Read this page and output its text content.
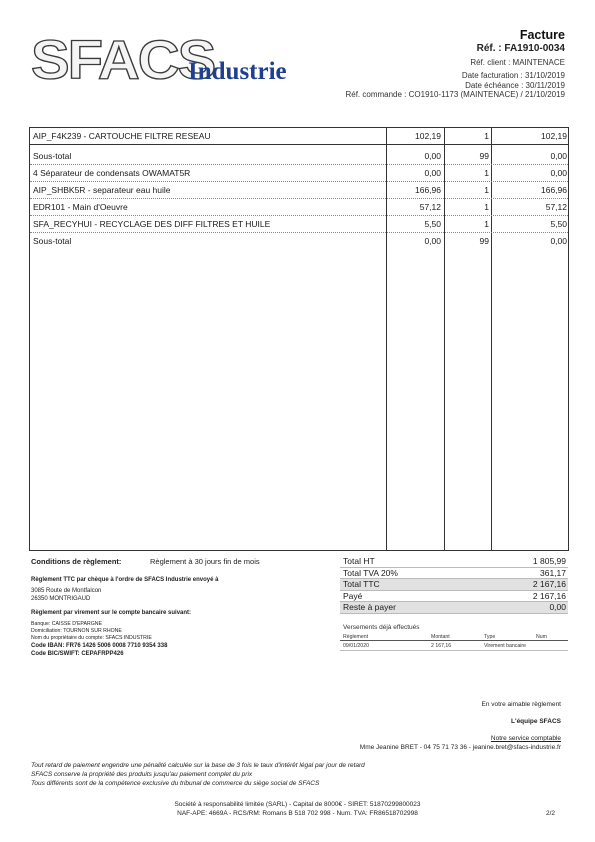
SFACS
Industrie
Facture
Réf. : FA1910-0034
Réf. client : MAINTENACE
Date facturation : 31/10/2019
Date échéance : 30/11/2019
Réf. commande : CO1910-1173 (MAINTENACE) / 21/10/2019
AIP_F4K239 - CARTOUCHE FILTRE RESEAU	102,19	1	102,19
Sous-total	0,00	99	0,00
4 Séparateur de condensats OWAMAT5R	0,00	1	0,00
AIP_SHBK5R - separateur eau huile	166,96	1	166,96
EDR101 - Main d'Oeuvre	57,12	1	57,12
SFA_RECYHUI - RECYCLAGE DES DIFF FILTRES ET HUILE	5,50	1	5,50
Sous-total	0,00	99	0,00
Conditions de règlement:	Règlement à 30 jours fin de mois
Règlement TTC par chèque à l'ordre de SFACS Industrie envoyé à
3085 Route de Montfalcon
26350 MONTRIGAUD
Règlement par virement sur le compte bancaire suivant:
Banque: CAISSE D'EPARGNE
Domiciliation: TOURNON SUR RHONE
Nom du propriétaire du compte: SFACS INDUSTRIE
Code IBAN: FR76 1426 5006 0008 7710 9354 338
Code BIC/SWIFT: CEPAFRPP426
Total HT	1 805,99
Total TVA 20%	361,17
Total TTC	2 167,16
Payé	2 167,16
Reste à payer	0,00
Versements déjà effectués
Règlement	Montant	Type	Num
09/01/2020	2 167,16	Virement bancaire
En votre aimable règlement
L'équipe SFACS
Notre service comptable
Mme Jeanine BRET - 04 75 71 73 36 - jeanine.bret@sfacs-industrie.fr
Tout retard de paiement engendre une pénalité calculée sur la base de 3 fois le taux d'intérêt légal par jour de retard
SFACS conserve la propriété des produits jusqu'au paiement complet du prix
Tous différents sont de la compétence exclusive du tribunal de commerce du siège social de SFACS
Société à responsabilité limitée (SARL) - Capital de 8000€ - SIRET: 51870299800023
NAF-APE: 4669A - RCS/RM: Romans B 518 702 998 - Num. TVA: FR86518702998	2/2
